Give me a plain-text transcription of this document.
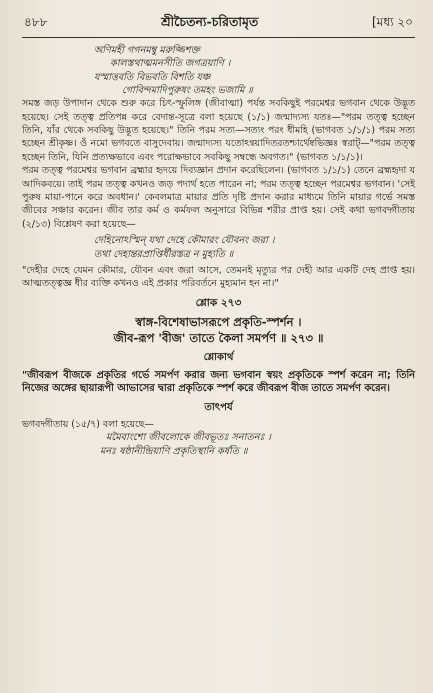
৪৮৮	শ্রীচৈতন্য-চরিতামৃত	[মধ্য ২০
অণিমহী গগনমম্বু মরুজ্জিশক্ত
কালস্তথাত্মমনসীতি জগত্রয়াণি ।
যস্মাত্তবতি বিভবতি বিশতি যঞ্চ
গোবিন্দমাদিপুরুষং তমহং ভজামি ॥

সমস্ত জড় উপাদান থেকে শুরু করে চিৎ-স্ফুলিঙ্গ (জীবাত্মা) পর্যন্ত সবকিছুই পরমেশ্বর ভগবান থেকে উদ্ভূত হয়েছে। সেই তত্ত্ব প্রতিপন্ন করে বেদান্ত-সূত্রে বলা হয়েছে (১/১) জন্মাদ্যস্য যতঃ—"পরম তত্ত্ব হচ্ছেন তিনি, যাঁর থেকে সবকিছু উদ্ভূত হয়েছে।" তিনি পরম সত্য—সত্যং পরং ধীমহি (ভাগবত ১/১/১) পরম সত্য হচ্ছেন শ্রীকৃষ্ণ। ওঁ নমো ভগবতে বাসুদেবায়। জন্মাদ্যস্য যতোঽন্বয়াদিতরতশ্চার্থেষ্বভিজ্ঞঃ স্বরাট্—"পরম তত্ত্ব হচ্ছেন তিনি, যিনি প্রত্যক্ষভাবে এবং পরোক্ষভাবে সবকিছু সম্বন্ধে অবগত।" (ভাগবত ১/১/১)।

পরম তত্ত্ব পরমেশ্বর ভগবান ব্রহ্মার হৃদয়ে দিব্যজ্ঞান প্রদান করেছিলেন। (ভাগবত ১/১/১) তেনে ব্রহ্মহৃদা য আদিকবয়ে। তাই পরম তত্ত্ব কখনও জড় পদার্থ হতে পারেন না; পরম তত্ত্ব হচ্ছেন পরমেশ্বর ভগবান। 'সেই পুরুষ মায়া-পানে করে অবধান।' কেবলমাত্র মায়ার প্রতি দৃষ্টি প্রদান করার মাধ্যমে তিনি মায়ার গর্ভে সমস্ত জীবের সঞ্চার করেন। জীব তার কর্ম ও কর্মফল অনুসারে বিভিন্ন শরীর প্রাপ্ত হয়। সেই কথা ভগবদ্গীতায় (২/১৩) বিশ্লেষণ করা হয়েছে—

দেহিনোঽস্মিন্ যথা দেহে কৌমারং যৌবনং জরা ।
তথা দেহান্তরপ্রাপ্তির্ধীরস্তত্র ন মুহ্যতি ॥

"দেহীর দেহে যেমন কৌমার, যৌবন এবং জরা আসে, তেমনই মৃত্যুর পর দেহী আর একটি দেহ প্রাপ্ত হয়। আত্মতত্ত্বজ্ঞ ধীর ব্যক্তি কখনও এই প্রকার পরিবর্তনে মুহ্যমান হন না।"

শ্লোক ২৭৩
স্বাঙ্গ-বিশেষাভাসরূপে প্রকৃতি-স্পর্শন ।
জীব-রূপ 'বীজ' তাতে কৈলা সমর্পণ ॥ ২৭৩ ॥
শ্লোকার্থ

"জীবরূপ বীজকে প্রকৃতির গর্ভে সমর্পণ করার জন্য ভগবান স্বয়ং প্রকৃতিকে স্পর্শ করেন না; তিনি নিজের অঙ্গের ছায়ারূপী আভাসের দ্বারা প্রকৃতিকে স্পর্শ করে জীবরূপ বীজ তাতে সমর্পণ করেন।

তাৎপর্য

ভগবদ্গীতায় (১৫/৭) বলা হয়েছে—

মমৈবাংশো জীবলোকে জীবভূতঃ সনাতনঃ ।
মনঃ ষষ্ঠানীন্দ্রিয়াণি প্রকৃতিস্থানি কর্ষতি ॥
